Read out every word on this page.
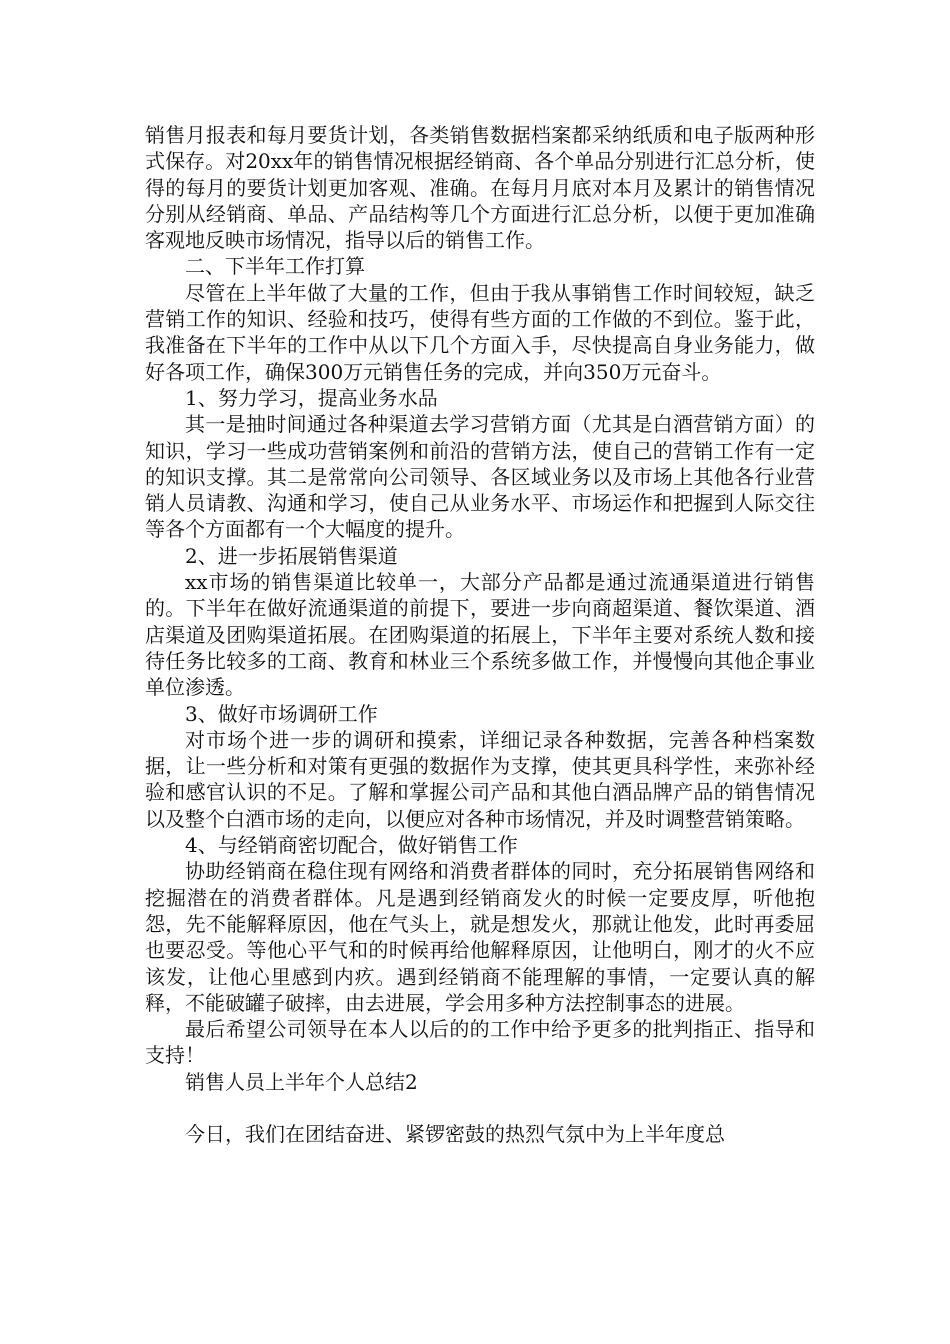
销售月报表和每月要货计划，各类销售数据档案都采纳纸质和电子版两种形式保存。对20xx年的销售情况根据经销商、各个单品分别进行汇总分析，使得的每月的要货计划更加客观、准确。在每月月底对本月及累计的销售情况分别从经销商、单品、产品结构等几个方面进行汇总分析，以便于更加准确客观地反映市场情况，指导以后的销售工作。

二、下半年工作打算

尽管在上半年做了大量的工作，但由于我从事销售工作时间较短，缺乏营销工作的知识、经验和技巧，使得有些方面的工作做的不到位。鉴于此，我准备在下半年的工作中从以下几个方面入手，尽快提高自身业务能力，做好各项工作，确保300万元销售任务的完成，并向350万元奋斗。

1、努力学习，提高业务水品

其一是抽时间通过各种渠道去学习营销方面（尤其是白酒营销方面）的知识，学习一些成功营销案例和前沿的营销方法，使自己的营销工作有一定的知识支撑。其二是常常向公司领导、各区域业务以及市场上其他各行业营销人员请教、沟通和学习，使自己从业务水平、市场运作和把握到人际交往等各个方面都有一个大幅度的提升。

2、进一步拓展销售渠道

xx市场的销售渠道比较单一，大部分产品都是通过流通渠道进行销售的。下半年在做好流通渠道的前提下，要进一步向商超渠道、餐饮渠道、酒店渠道及团购渠道拓展。在团购渠道的拓展上，下半年主要对系统人数和接待任务比较多的工商、教育和林业三个系统多做工作，并慢慢向其他企事业单位渗透。

3、做好市场调研工作

对市场个进一步的调研和摸索，详细记录各种数据，完善各种档案数据，让一些分析和对策有更强的数据作为支撑，使其更具科学性，来弥补经验和感官认识的不足。了解和掌握公司产品和其他白酒品牌产品的销售情况以及整个白酒市场的走向，以便应对各种市场情况，并及时调整营销策略。

4、与经销商密切配合，做好销售工作

协助经销商在稳住现有网络和消费者群体的同时，充分拓展销售网络和挖掘潜在的消费者群体。凡是遇到经销商发火的时候一定要皮厚，听他抱怨，先不能解释原因，他在气头上，就是想发火，那就让他发，此时再委屈也要忍受。等他心平气和的时候再给他解释原因，让他明白，刚才的火不应该发，让他心里感到内疚。遇到经销商不能理解的事情，一定要认真的解释，不能破罐子破摔，由去进展，学会用多种方法控制事态的进展。

最后希望公司领导在本人以后的的工作中给予更多的批判指正、指导和支持！

销售人员上半年个人总结2

今日，我们在团结奋进、紧锣密鼓的热烈气氛中为上半年度总
